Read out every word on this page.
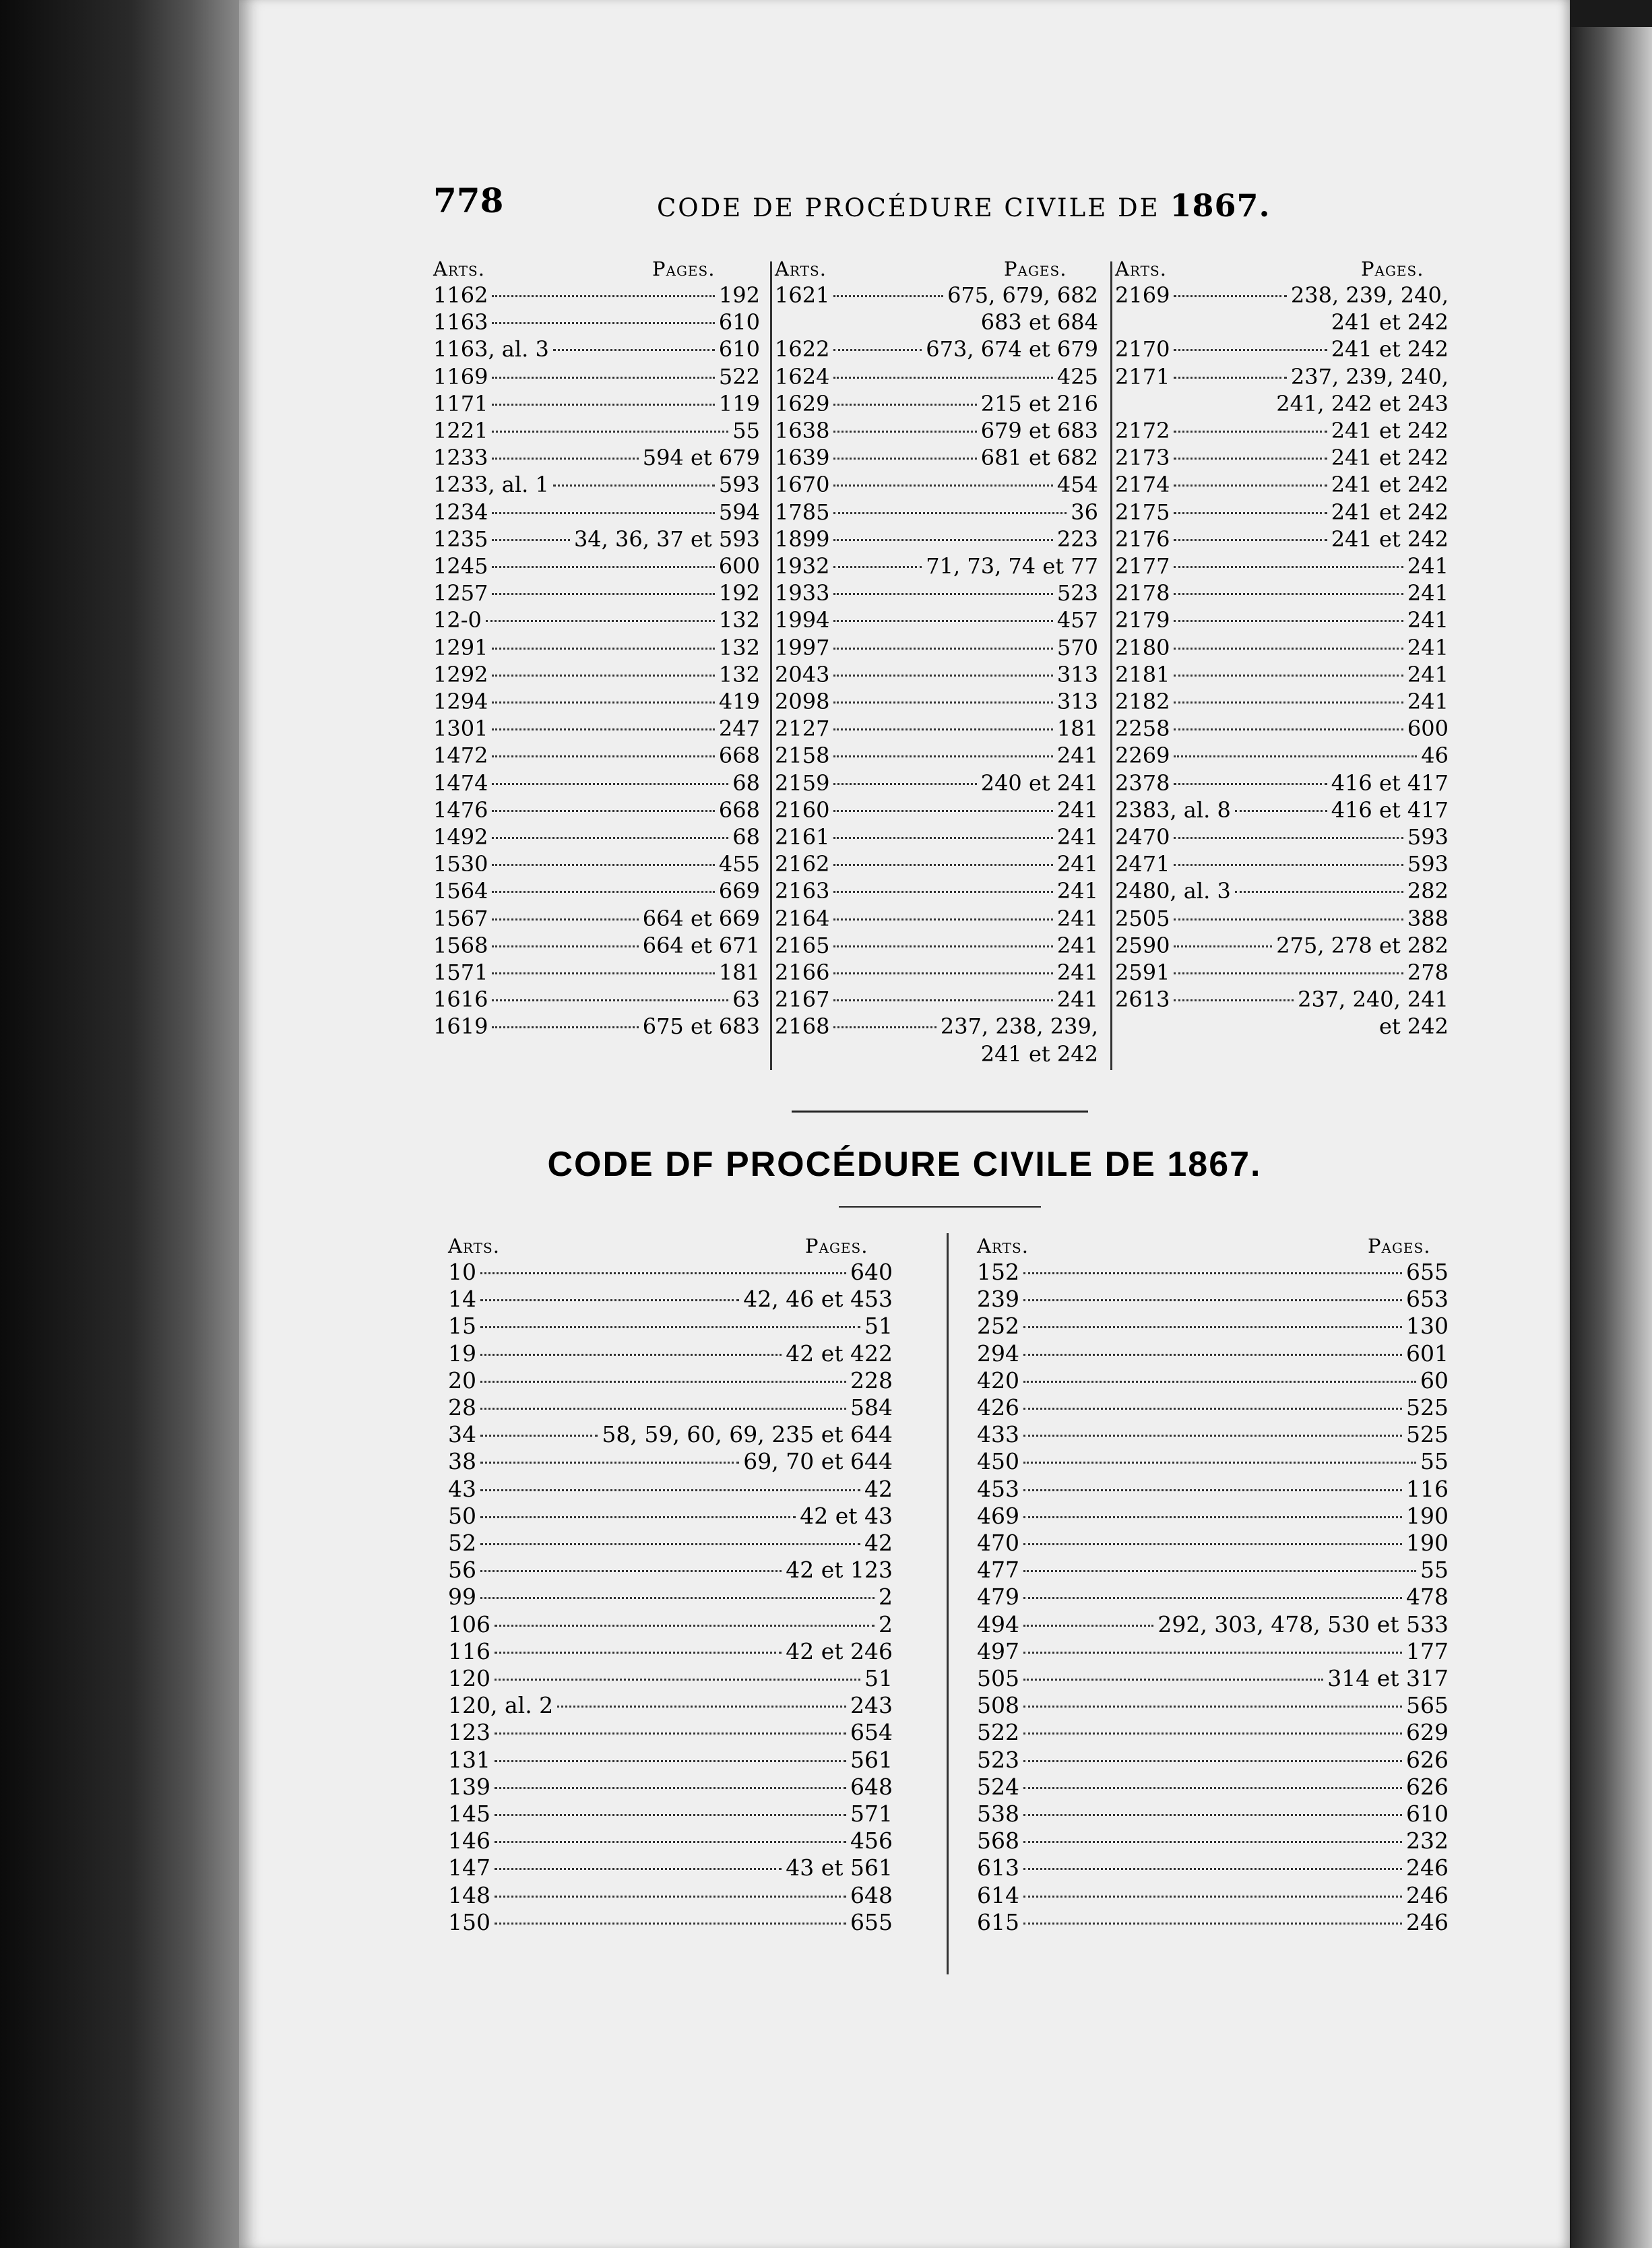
778	CODE DE PROCÉDURE CIVILE DE 1867.
Arts.	Pages.
1162	192
1163	610
1163, al. 3	610
1169	522
1171	119
1221	55
1233	594 et 679
1233, al. 1	593
1234	594
1235	34, 36, 37 et 593
1245	600
1257	192
12-0	132
1291	132
1292	132
1294	419
1301	247
1472	668
1474	68
1476	668
1492	68
1530	455
1564	669
1567	664 et 669
1568	664 et 671
1571	181
1616	63
1619	675 et 683
Arts.	Pages.
1621	675, 679, 682
683 et 684
1622	673, 674 et 679
1624	425
1629	215 et 216
1638	679 et 683
1639	681 et 682
1670	454
1785	36
1899	223
1932	71, 73, 74 et 77
1933	523
1994	457
1997	570
2043	313
2098	313
2127	181
2158	241
2159	240 et 241
2160	241
2161	241
2162	241
2163	241
2164	241
2165	241
2166	241
2167	241
2168	237, 238, 239,
241 et 242
Arts.	Pages.
2169	238, 239, 240,
241 et 242
2170	241 et 242
2171	237, 239, 240,
241, 242 et 243
2172	241 et 242
2173	241 et 242
2174	241 et 242
2175	241 et 242
2176	241 et 242
2177	241
2178	241
2179	241
2180	241
2181	241
2182	241
2258	600
2269	46
2378	416 et 417
2383, al. 8	416 et 417
2470	593
2471	593
2480, al. 3	282
2505	388
2590	275, 278 et 282
2591	278
2613	237, 240, 241
et 242
CODE DF PROCÉDURE CIVILE DE 1867.
Arts.	Pages.
10	640
14	42, 46 et 453
15	51
19	42 et 422
20	228
28	584
34	58, 59, 60, 69, 235 et 644
38	69, 70 et 644
43	42
50	42 et 43
52	42
56	42 et 123
99	2
106	2
116	42 et 246
120	51
120, al. 2	243
123	654
131	561
139	648
145	571
146	456
147	43 et 561
148	648
150	655
Arts.	Pages.
152	655
239	653
252	130
294	601
420	60
426	525
433	525
450	55
453	116
469	190
470	190
477	55
479	478
494	292, 303, 478, 530 et 533
497	177
505	314 et 317
508	565
522	629
523	626
524	626
538	610
568	232
613	246
614	246
615	246
